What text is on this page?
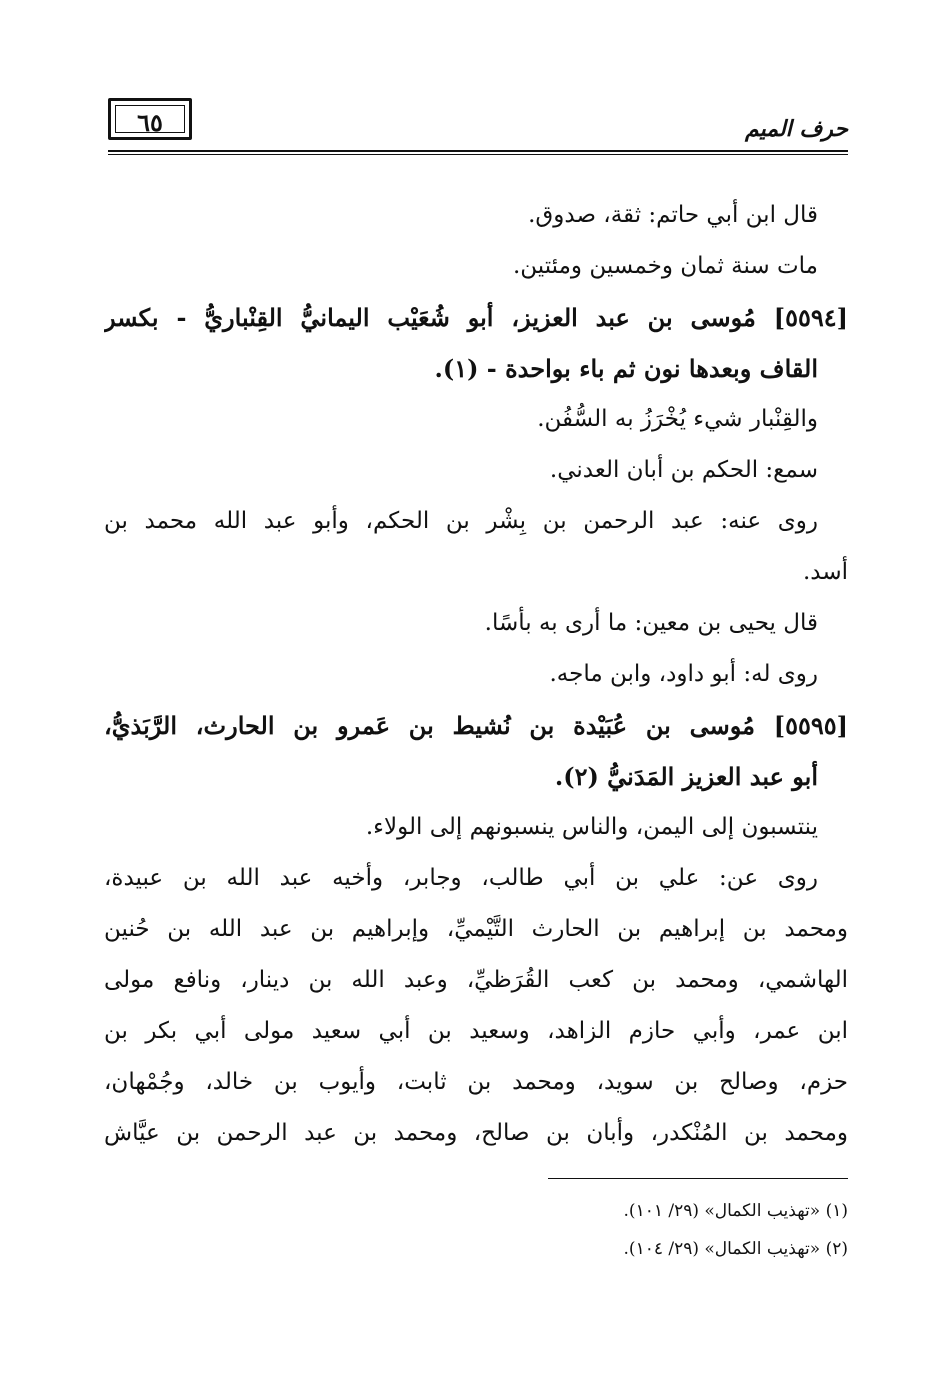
٦٥	حرف الميم
قال ابن أبي حاتم: ثقة، صدوق.
مات سنة ثمان وخمسين ومئتين.
[٥٥٩٤] مُوسى بن عبد العزيز، أبو شُعَيْب اليمانيُّ القِنْباريُّ - بكسر
القاف وبعدها نون ثم باء بواحدة - (١).
والقِنْبار شيء يُخْرَزُ به السُّفُن.
سمع: الحكم بن أبان العدني.
روى عنه: عبد الرحمن بن بِشْر بن الحكم، وأبو عبد الله محمد بن
أسد.
قال يحيى بن معين: ما أرى به بأسًا.
روى له: أبو داود، وابن ماجه.
[٥٥٩٥] مُوسى بن عُبَيْدة بن نُشيط بن عَمرو بن الحارث، الرَّبَذيُّ،
أبو عبد العزيز المَدَنيُّ (٢).
ينتسبون إلى اليمن، والناس ينسبونهم إلى الولاء.
روى عن: علي بن أبي طالب، وجابر، وأخيه عبد الله بن عبيدة،
ومحمد بن إبراهيم بن الحارث التَّيْميِّ، وإبراهيم بن عبد الله بن حُنين
الهاشمي، ومحمد بن كعب القُرَظيِّ، وعبد الله بن دينار، ونافع مولى
ابن عمر، وأبي حازم الزاهد، وسعيد بن أبي سعيد مولى أبي بكر بن
حزم، وصالح بن سويد، ومحمد بن ثابت، وأيوب بن خالد، وجُمْهان،
ومحمد بن المُنْكدر، وأبان بن صالح، ومحمد بن عبد الرحمن بن عيَّاش
(١) «تهذيب الكمال» (٢٩/ ١٠١).
(٢) «تهذيب الكمال» (٢٩/ ١٠٤).
